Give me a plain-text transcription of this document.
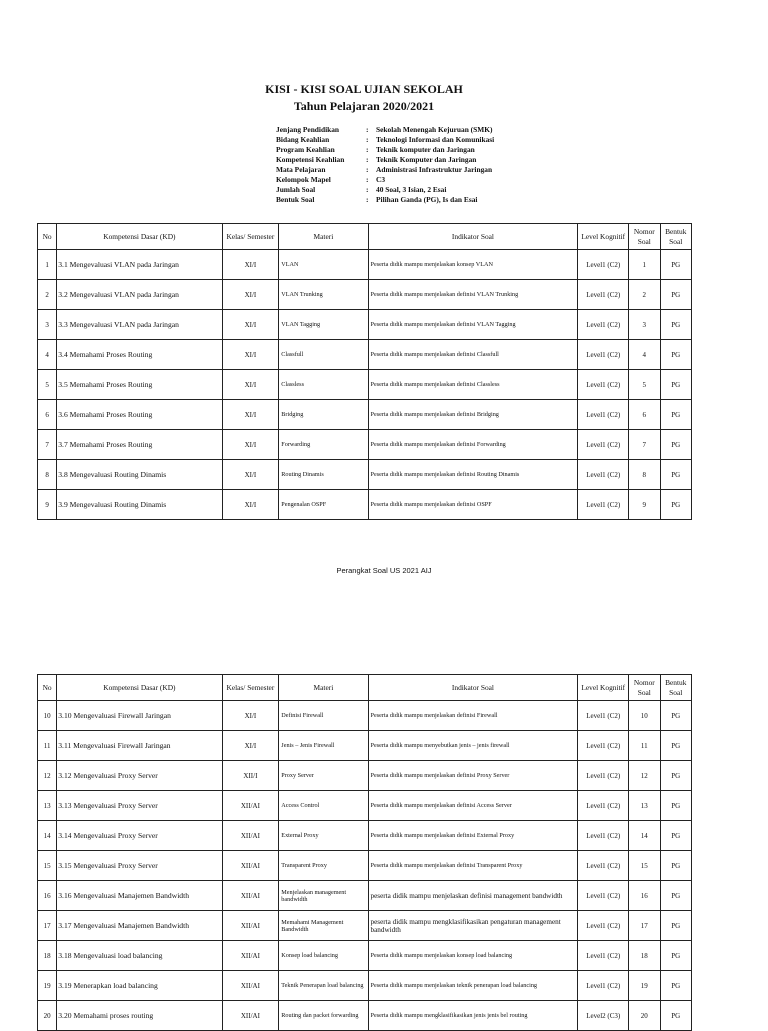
KISI - KISI SOAL UJIAN SEKOLAH
Tahun Pelajaran 2020/2021
Jenjang Pendidikan	:	Sekolah Menengah Kejuruan (SMK)
Bidang Keahlian	:	Teknologi Informasi dan Komunikasi
Program Keahlian	:	Teknik komputer dan Jaringan
Kompetensi Keahlian	:	Teknik Komputer dan Jaringan
Mata Pelajaran	:	Administrasi Infrastruktur Jaringan
Kelompok Mapel	:	C3
Jumlah Soal	:	40 Soal, 3 Isian, 2 Esai
Bentuk Soal	:	Pilihan Ganda (PG), Is dan Esai
No	Kompetensi Dasar (KD)	Kelas/ Semester	Materi	Indikator Soal	Level Kognitif	Nomor Soal	Bentuk Soal
1	3.1 Mengevaluasi VLAN pada Jaringan	XI/I	VLAN	Peserta didik mampu menjelaskan konsep VLAN	Level1 (C2)	1	PG
2	3.2 Mengevaluasi VLAN pada Jaringan	XI/I	VLAN Trunking	Peserta didik mampu menjelaskan definisi VLAN Trunking	Level1 (C2)	2	PG
3	3.3 Mengevaluasi VLAN pada Jaringan	XI/I	VLAN Tagging	Peserta didik mampu menjelaskan definisi VLAN Tagging	Level1 (C2)	3	PG
4	3.4 Memahami Proses Routing	XI/I	Classfull	Peserta didik mampu menjelaskan definisi Classfull	Level1 (C2)	4	PG
5	3.5 Memahami Proses Routing	XI/I	Classless	Peserta didik mampu menjelaskan definisi Classless	Level1 (C2)	5	PG
6	3.6 Memahami Proses Routing	XI/I	Bridging	Peserta didik mampu menjelaskan definisi Bridging	Level1 (C2)	6	PG
7	3.7 Memahami Proses Routing	XI/I	Forwarding	Peserta didik mampu menjelaskan definisi Forwarding	Level1 (C2)	7	PG
8	3.8 Mengevaluasi Routing Dinamis	XI/I	Routing Dinamis	Peserta didik mampu menjelaskan definisi Routing Dinamis	Level1 (C2)	8	PG
9	3.9 Mengevaluasi Routing Dinamis	XI/I	Pengenalan OSPF	Peserta didik mampu menjelaskan definisi OSPF	Level1 (C2)	9	PG
Perangkat Soal US 2021 AIJ
No	Kompetensi Dasar (KD)	Kelas/ Semester	Materi	Indikator Soal	Level Kognitif	Nomor Soal	Bentuk Soal
10	3.10 Mengevaluasi Firewall Jaringan	XI/I	Definisi Firewall	Peserta didik mampu menjelaskan definisi Firewall	Level1 (C2)	10	PG
11	3.11 Mengevaluasi Firewall Jaringan	XI/I	Jenis – Jenis Firewall	Peserta didik mampu menyebutkan jenis – jenis firewall	Level1 (C2)	11	PG
12	3.12 Mengevaluasi Proxy Server	XII/I	Proxy Server	Peserta didik mampu menjelaskan definisi Proxy Server	Level1 (C2)	12	PG
13	3.13 Mengevaluasi Proxy Server	XII/AI	Access Control	Peserta didik mampu menjelaskan definisi Access Server	Level1 (C2)	13	PG
14	3.14 Mengevaluasi Proxy Server	XII/AI	External Proxy	Peserta didik mampu menjelaskan definisi External Proxy	Level1 (C2)	14	PG
15	3.15 Mengevaluasi Proxy Server	XII/AI	Transparent Proxy	Peserta didik mampu menjelaskan definisi Transparent Proxy	Level1 (C2)	15	PG
16	3.16 Mengevaluasi Manajemen Bandwidth	XII/AI	Menjelaskan management bandwidth	peserta didik mampu menjelaskan definisi management bandwidth	Level1 (C2)	16	PG
17	3.17 Mengevaluasi Manajemen Bandwidth	XII/AI	Memahami Management Bandwidth	peserta didik mampu mengklasifikasikan pengaturan management bandwidth	Level1 (C2)	17	PG
18	3.18 Mengevaluasi load balancing	XII/AI	Konsep load balancing	Peserta didik mampu menjelaskan konsep load balancing	Level1 (C2)	18	PG
19	3.19 Menerapkan load balancing	XII/AI	Teknik Penerapan load balancing	Peserta didik mampu menjelaskan teknik penerapan load balancing	Level1 (C2)	19	PG
20	3.20 Memahami proses routing	XII/AI	Routing dan packet forwarding	Peserta didik mampu mengklasifikasikan jenis jenis bel routing	Level2 (C3)	20	PG
